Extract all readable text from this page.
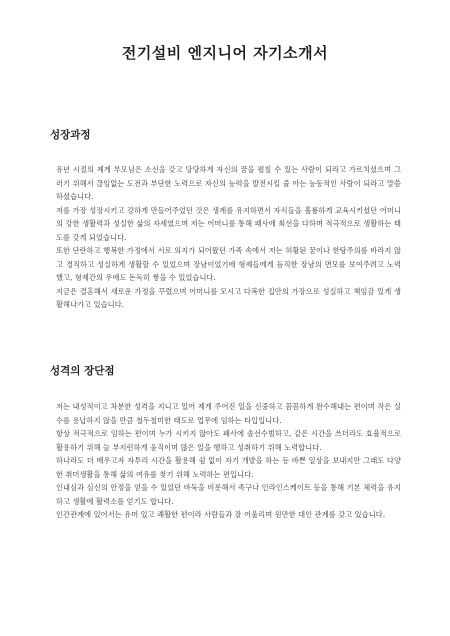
전기설비 엔지니어 자기소개서
성장과정

유년 시절의 제게 부모님은 소신을 갖고 당당하게 자신의 꿈을 펼칠 수 있는 사람이 되라고 가르치셨으며 그러기 위해서 끊임없는 도전과 부단한 노력으로 자신의 능력을 발전시킬 줄 아는 능동적인 사람이 되라고 말씀하셨습니다.

저를 가장 성장시키고 강하게 만들어주었던 것은 생계를 유지하면서 자식들을 훌륭하게 교육시키셨던 어머니의 강한 생활력과 성실한 삶의 자세였으며 저는 어머니를 통해 패사에 최선을 다하며 적극적으로 생활하는 태도를 갖게 되었습니다.

또한 단란하고 행복한 가정에서 서로 의지가 되어왔던 가족 속에서 저는 허황된 꿈이나 한탕주의를 바라지 않고 경직하고 성실하게 생활할 수 있었으며 장남이었기에 형제들에게 듬직한 장남의 면모를 보여주려고 노력했고, 형제간의 우애도 돈독히 쌓을 수 있었습니다.

지금은 결혼해서 새로운 가정을 꾸렸으며 어머니를 모시고 다복한 집안의 가장으로 성실하고 책임감 있게 생활해나가고 있습니다.

성격의 장단점

저는 내성적이고 차분한 성격을 지니고 있어 제게 주어진 일을 신중하고 꼼꼼하게 완수해내는 편이며 작은 실수를 용납하지 않을 만큼 철두철미한 태도로 업무에 임하는 타입입니다.

항상 적극적으로 임하는 편이며 누가 시키지 않아도 패사에 솔선수범하고, 같은 시간을 쓰더라도 효율적으로 활용하기 위해 늘 부지런하게 움직이며 많은 일을 행하고 성취하기 위해 노력합니다.

하나라도 더 배우고자 자투리 시간을 활용해 쉼 없이 자기 개발을 하는 등 바쁜 일상을 보내지만 그래도 다양한 취미생활을 통해 삶의 여유를 찾기 위해 노력하는 편입니다.

인내심과 심신의 안정을 얻을 수 있었던 바둑을 비롯해서 족구나 인라인스케이트 등을 통해 기본 체력을 유지하고 생활에 활력소를 얻기도 합니다.

인간관계에 있어서는 유머 있고 쾌활한 편이라 사람들과 잘 어울리며 원만한 대인 관계를 갖고 있습니다.
